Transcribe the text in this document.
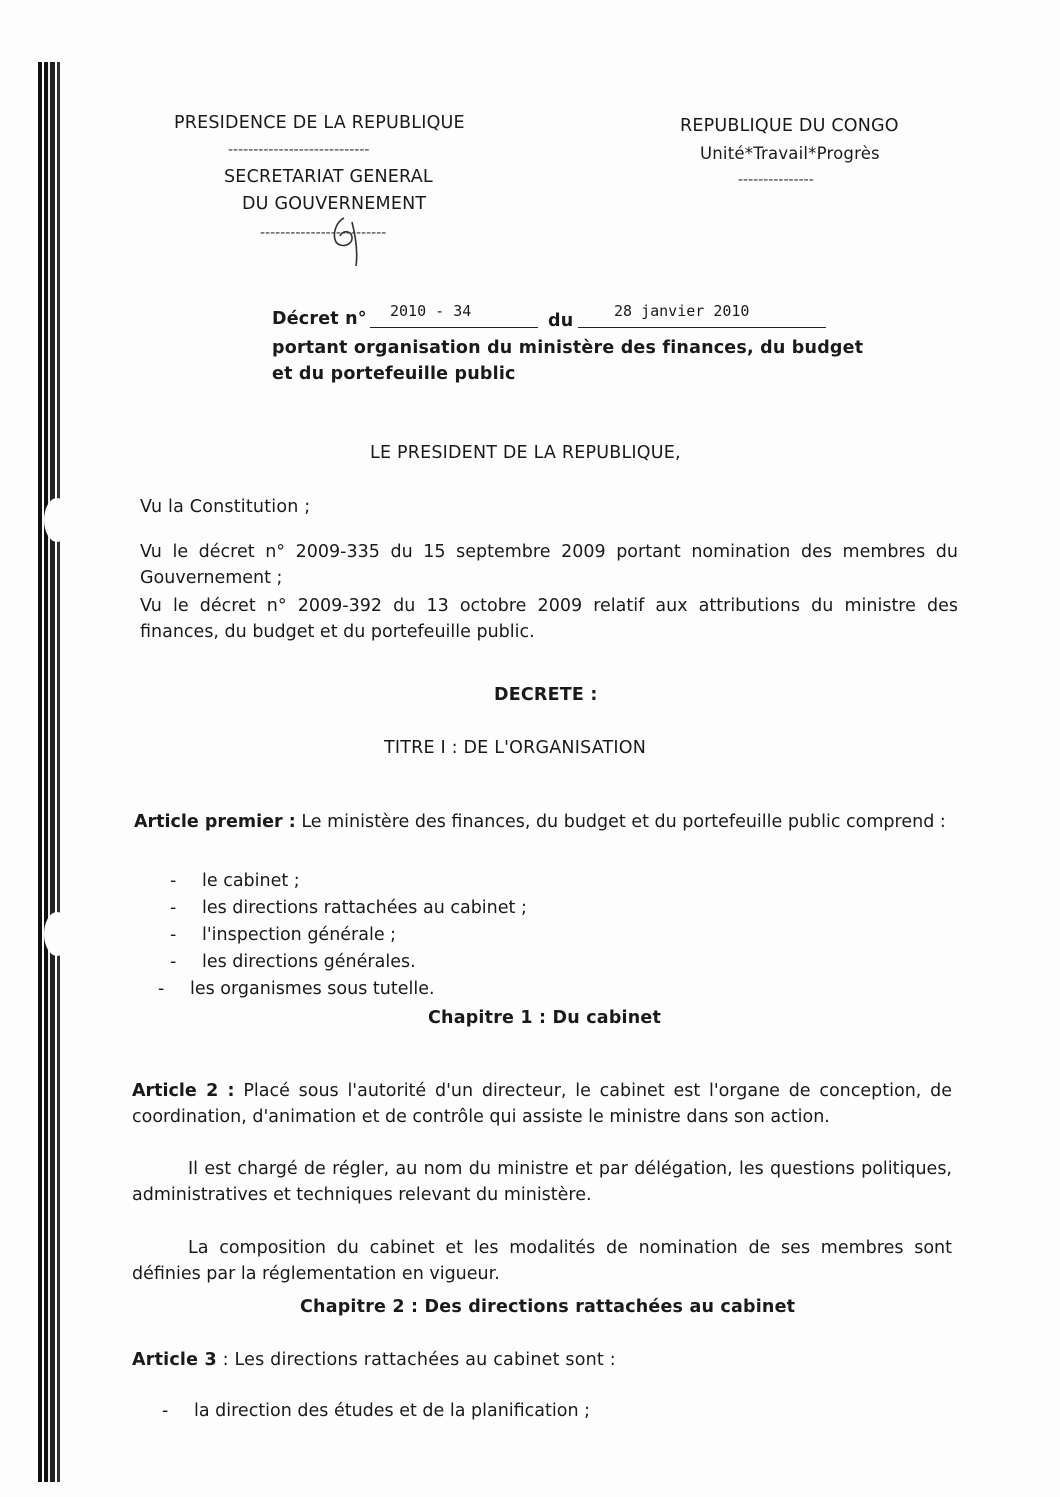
PRESIDENCE DE LA REPUBLIQUE

----------------------------

SECRETARIAT GENERAL

DU GOUVERNEMENT

-------------------------

REPUBLIQUE DU CONGO

Unité*Travail*Progrès

---------------

Décret n° 2010 - 34	du	28 janvier 2010

portant organisation du ministère des finances, du budget

et du portefeuille public

LE PRESIDENT DE LA REPUBLIQUE,

Vu la Constitution ;

Vu le décret n° 2009-335 du 15 septembre 2009 portant nomination des membres du Gouvernement ;

Vu le décret n° 2009-392 du 13 octobre 2009 relatif aux attributions du ministre des finances, du budget et du portefeuille public.

DECRETE :

TITRE I : DE L'ORGANISATION

Article premier : Le ministère des finances, du budget et du portefeuille public comprend :

-	le cabinet ;
-	les directions rattachées au cabinet ;
-	l'inspection générale ;
-	les directions générales.
-	les organismes sous tutelle.

Chapitre 1 : Du cabinet

Article 2 : Placé sous l'autorité d'un directeur, le cabinet est l'organe de conception, de coordination, d'animation et de contrôle qui assiste le ministre dans son action.

Il est chargé de régler, au nom du ministre et par délégation, les questions politiques, administratives et techniques relevant du ministère.

La composition du cabinet et les modalités de nomination de ses membres sont définies par la réglementation en vigueur.

Chapitre 2 : Des directions rattachées au cabinet

Article 3 : Les directions rattachées au cabinet sont :

-	la direction des études et de la planification ;
